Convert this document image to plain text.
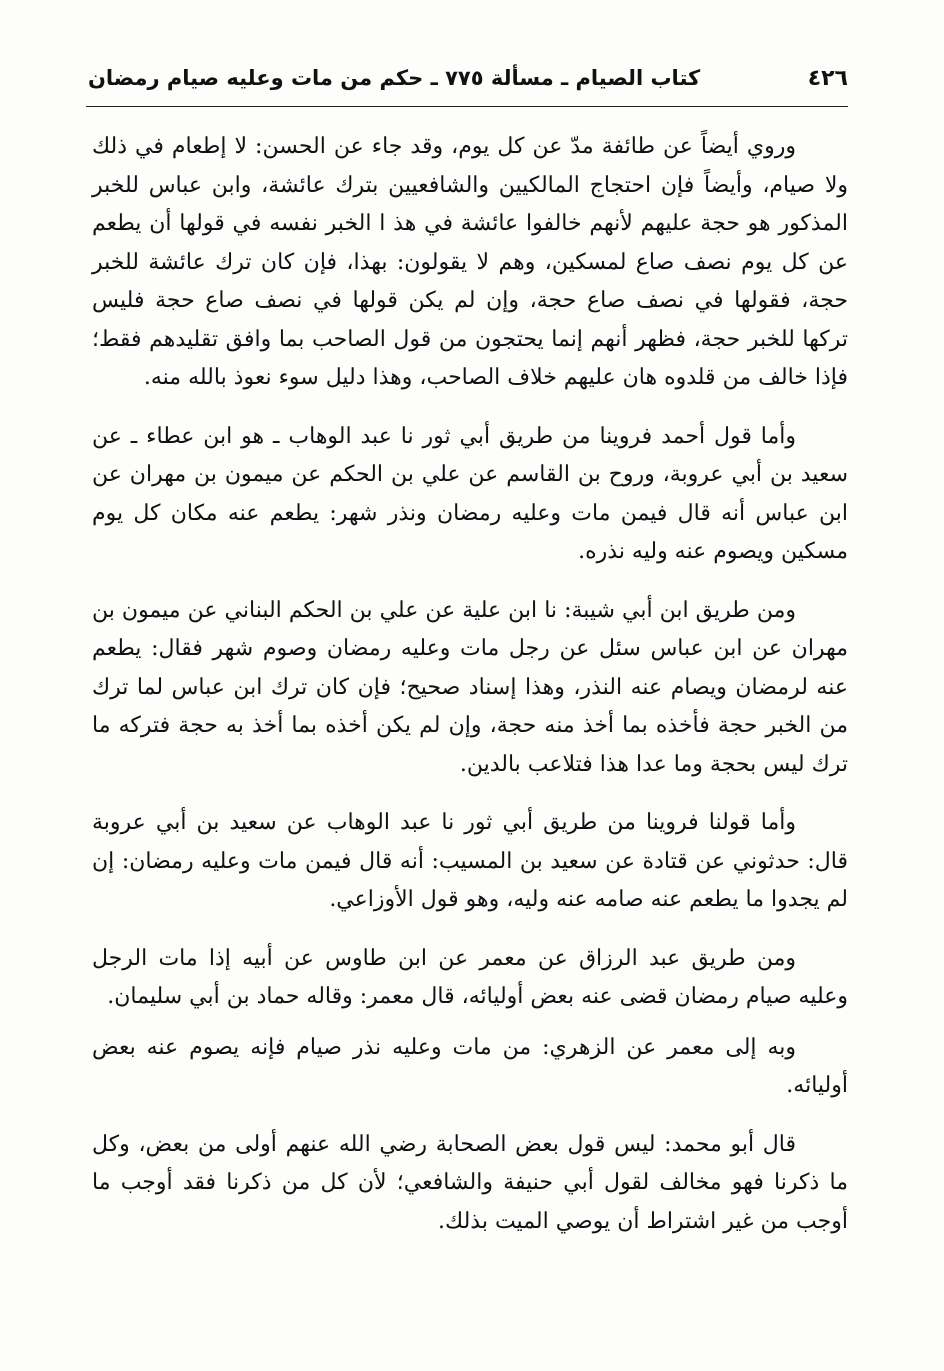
٤٢٦
كتاب الصيام ـ مسألة ٧٧٥ ـ حكم من مات وعليه صيام رمضان

وروي أيضاً عن طائفة مدّ عن كل يوم، وقد جاء عن الحسن: لا إطعام في ذلك ولا صيام، وأيضاً فإن احتجاج المالكيين والشافعيين بترك عائشة، وابن عباس للخبر المذكور هو حجة عليهم لأنهم خالفوا عائشة في هذ ا الخبر نفسه في قولها أن يطعم عن كل يوم نصف صاع لمسكين، وهم لا يقولون: بهذا، فإن كان ترك عائشة للخبر حجة، فقولها في نصف صاع حجة، وإن لم يكن قولها في نصف صاع حجة فليس تركها للخبر حجة، فظهر أنهم إنما يحتجون من قول الصاحب بما وافق تقليدهم فقط؛ فإذا خالف من قلدوه هان عليهم خلاف الصاحب، وهذا دليل سوء نعوذ بالله منه.

وأما قول أحمد فروينا من طريق أبي ثور نا عبد الوهاب ـ هو ابن عطاء ـ عن سعيد بن أبي عروبة، وروح بن القاسم عن علي بن الحكم عن ميمون بن مهران عن ابن عباس أنه قال فيمن مات وعليه رمضان ونذر شهر: يطعم عنه مكان كل يوم مسكين ويصوم عنه وليه نذره.

ومن طريق ابن أبي شيبة: نا ابن علية عن علي بن الحكم البناني عن ميمون بن مهران عن ابن عباس سئل عن رجل مات وعليه رمضان وصوم شهر فقال: يطعم عنه لرمضان ويصام عنه النذر، وهذا إسناد صحيح؛ فإن كان ترك ابن عباس لما ترك من الخبر حجة فأخذه بما أخذ منه حجة، وإن لم يكن أخذه بما أخذ به حجة فتركه ما ترك ليس بحجة وما عدا هذا فتلاعب بالدين.

وأما قولنا فروينا من طريق أبي ثور نا عبد الوهاب عن سعيد بن أبي عروبة قال: حدثوني عن قتادة عن سعيد بن المسيب: أنه قال فيمن مات وعليه رمضان: إن لم يجدوا ما يطعم عنه صامه عنه وليه، وهو قول الأوزاعي.

ومن طريق عبد الرزاق عن معمر عن ابن طاوس عن أبيه إذا مات الرجل وعليه صيام رمضان قضى عنه بعض أوليائه، قال معمر: وقاله حماد بن أبي سليمان.

وبه إلى معمر عن الزهري: من مات وعليه نذر صيام فإنه يصوم عنه بعض أوليائه.

قال أبو محمد: ليس قول بعض الصحابة رضي الله عنهم أولى من بعض، وكل ما ذكرنا فهو مخالف لقول أبي حنيفة والشافعي؛ لأن كل من ذكرنا فقد أوجب ما أوجب من غير اشتراط أن يوصي الميت بذلك.
